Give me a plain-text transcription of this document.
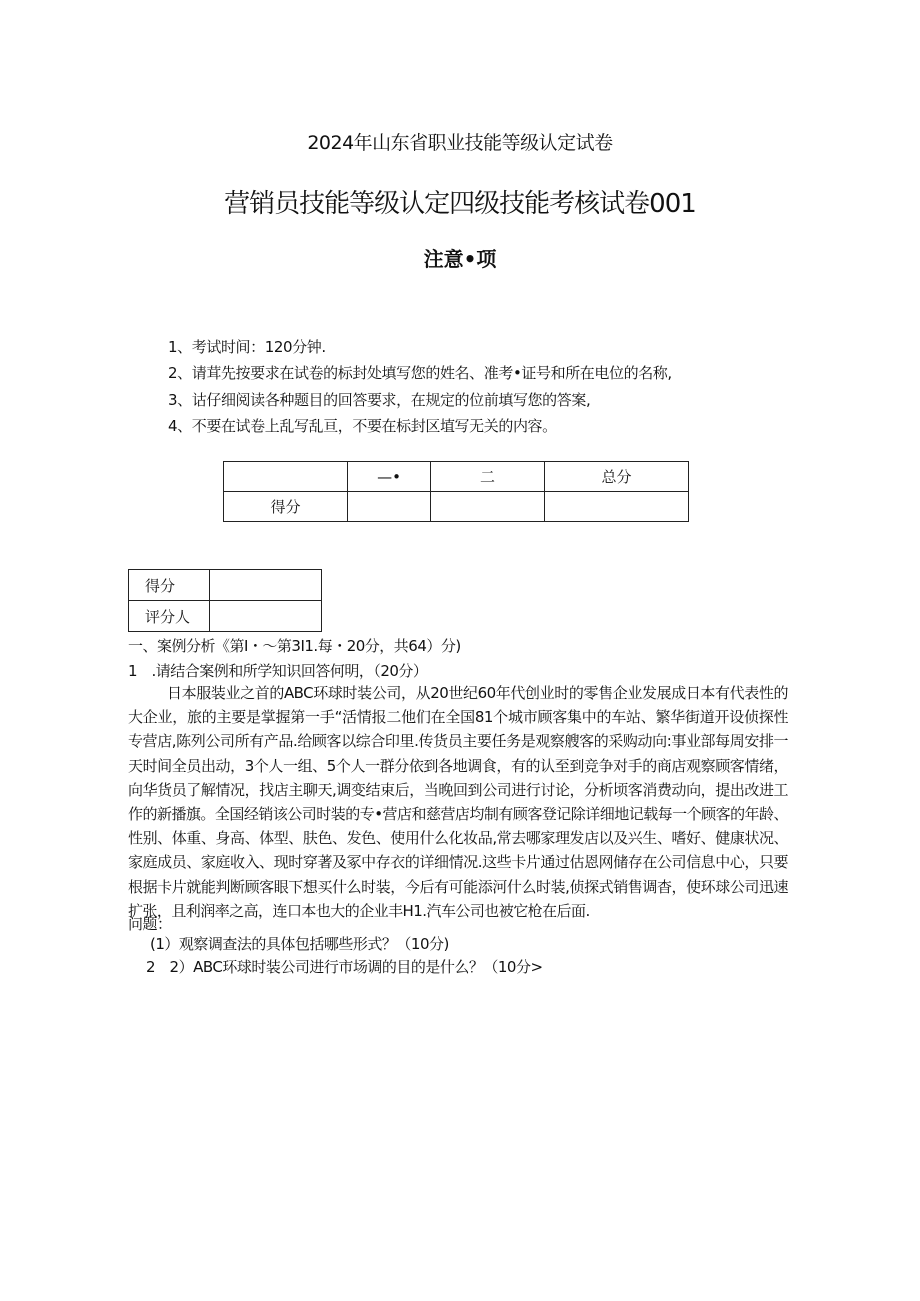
2024年山东省职业技能等级认定试卷
营销员技能等级认定四级技能考核试卷001
注意•项
1、考试时间：120分钟.
2、请茸先按要求在试卷的标封处填写您的姓名、准考•证号和所在电位的名称,
3、诂仔细阅读各种题目的回答要求，在规定的位前填写您的答案,
4、不要在试卷上乱写乱亘，不要在标封区埴写无关的内容。
	—•	二	总分
得分			
得分	
评分人	
一、案例分析《第I・〜第3I1.每・20分，共64）分)
1　.请结合案例和所学知识回答何明，（20分）
日本服装业之首的ABC环球时装公司，从20世纪60年代创业时的零售企业发展成日本有代表性的大企业，旅的主要是掌握第一手“活情报二他们在全国81个城市顾客集中的车站、繁华街道开设侦探性专营店,陈列公司所有产品.给顾客以综合印里.传货员主要任务是观察艘客的采购动向:事业部每周安排一天时间全员出动，3个人一组、5个人一群分依到各地调食，有的认至到竞争对手的商店观察顾客情绪，向华货员了解情况，找店主聊天,调变结束后，当晚回到公司进行讨论，分析顷客消费动向，提出改进工作的新播旗。全国经销该公司时装的专•营店和慈营店均制有顾客登记除详细地记载每一个顾客的年龄、性别、体重、身高、体型、肤色、发色、使用什么化妆品,常去哪家理发店以及兴生、嗜好、健康状况、家庭成员、家庭收入、现时穿著及冢中存衣的详细情况.这些卡片通过估恩网储存在公司信息中心，只要根据卡片就能判断顾客眼下想买什么时装，今后有可能添河什么时装,侦探式销售调杳，使环球公司迅速扩张，且利润率之高，连口本也大的企业丰H1.汽车公司也被它枪在后面.
问题：
(1）观察调查法的具体包括哪些形式？（10分)
2　2）ABC环球时装公司进行市场调的目的是什么？（10分>
